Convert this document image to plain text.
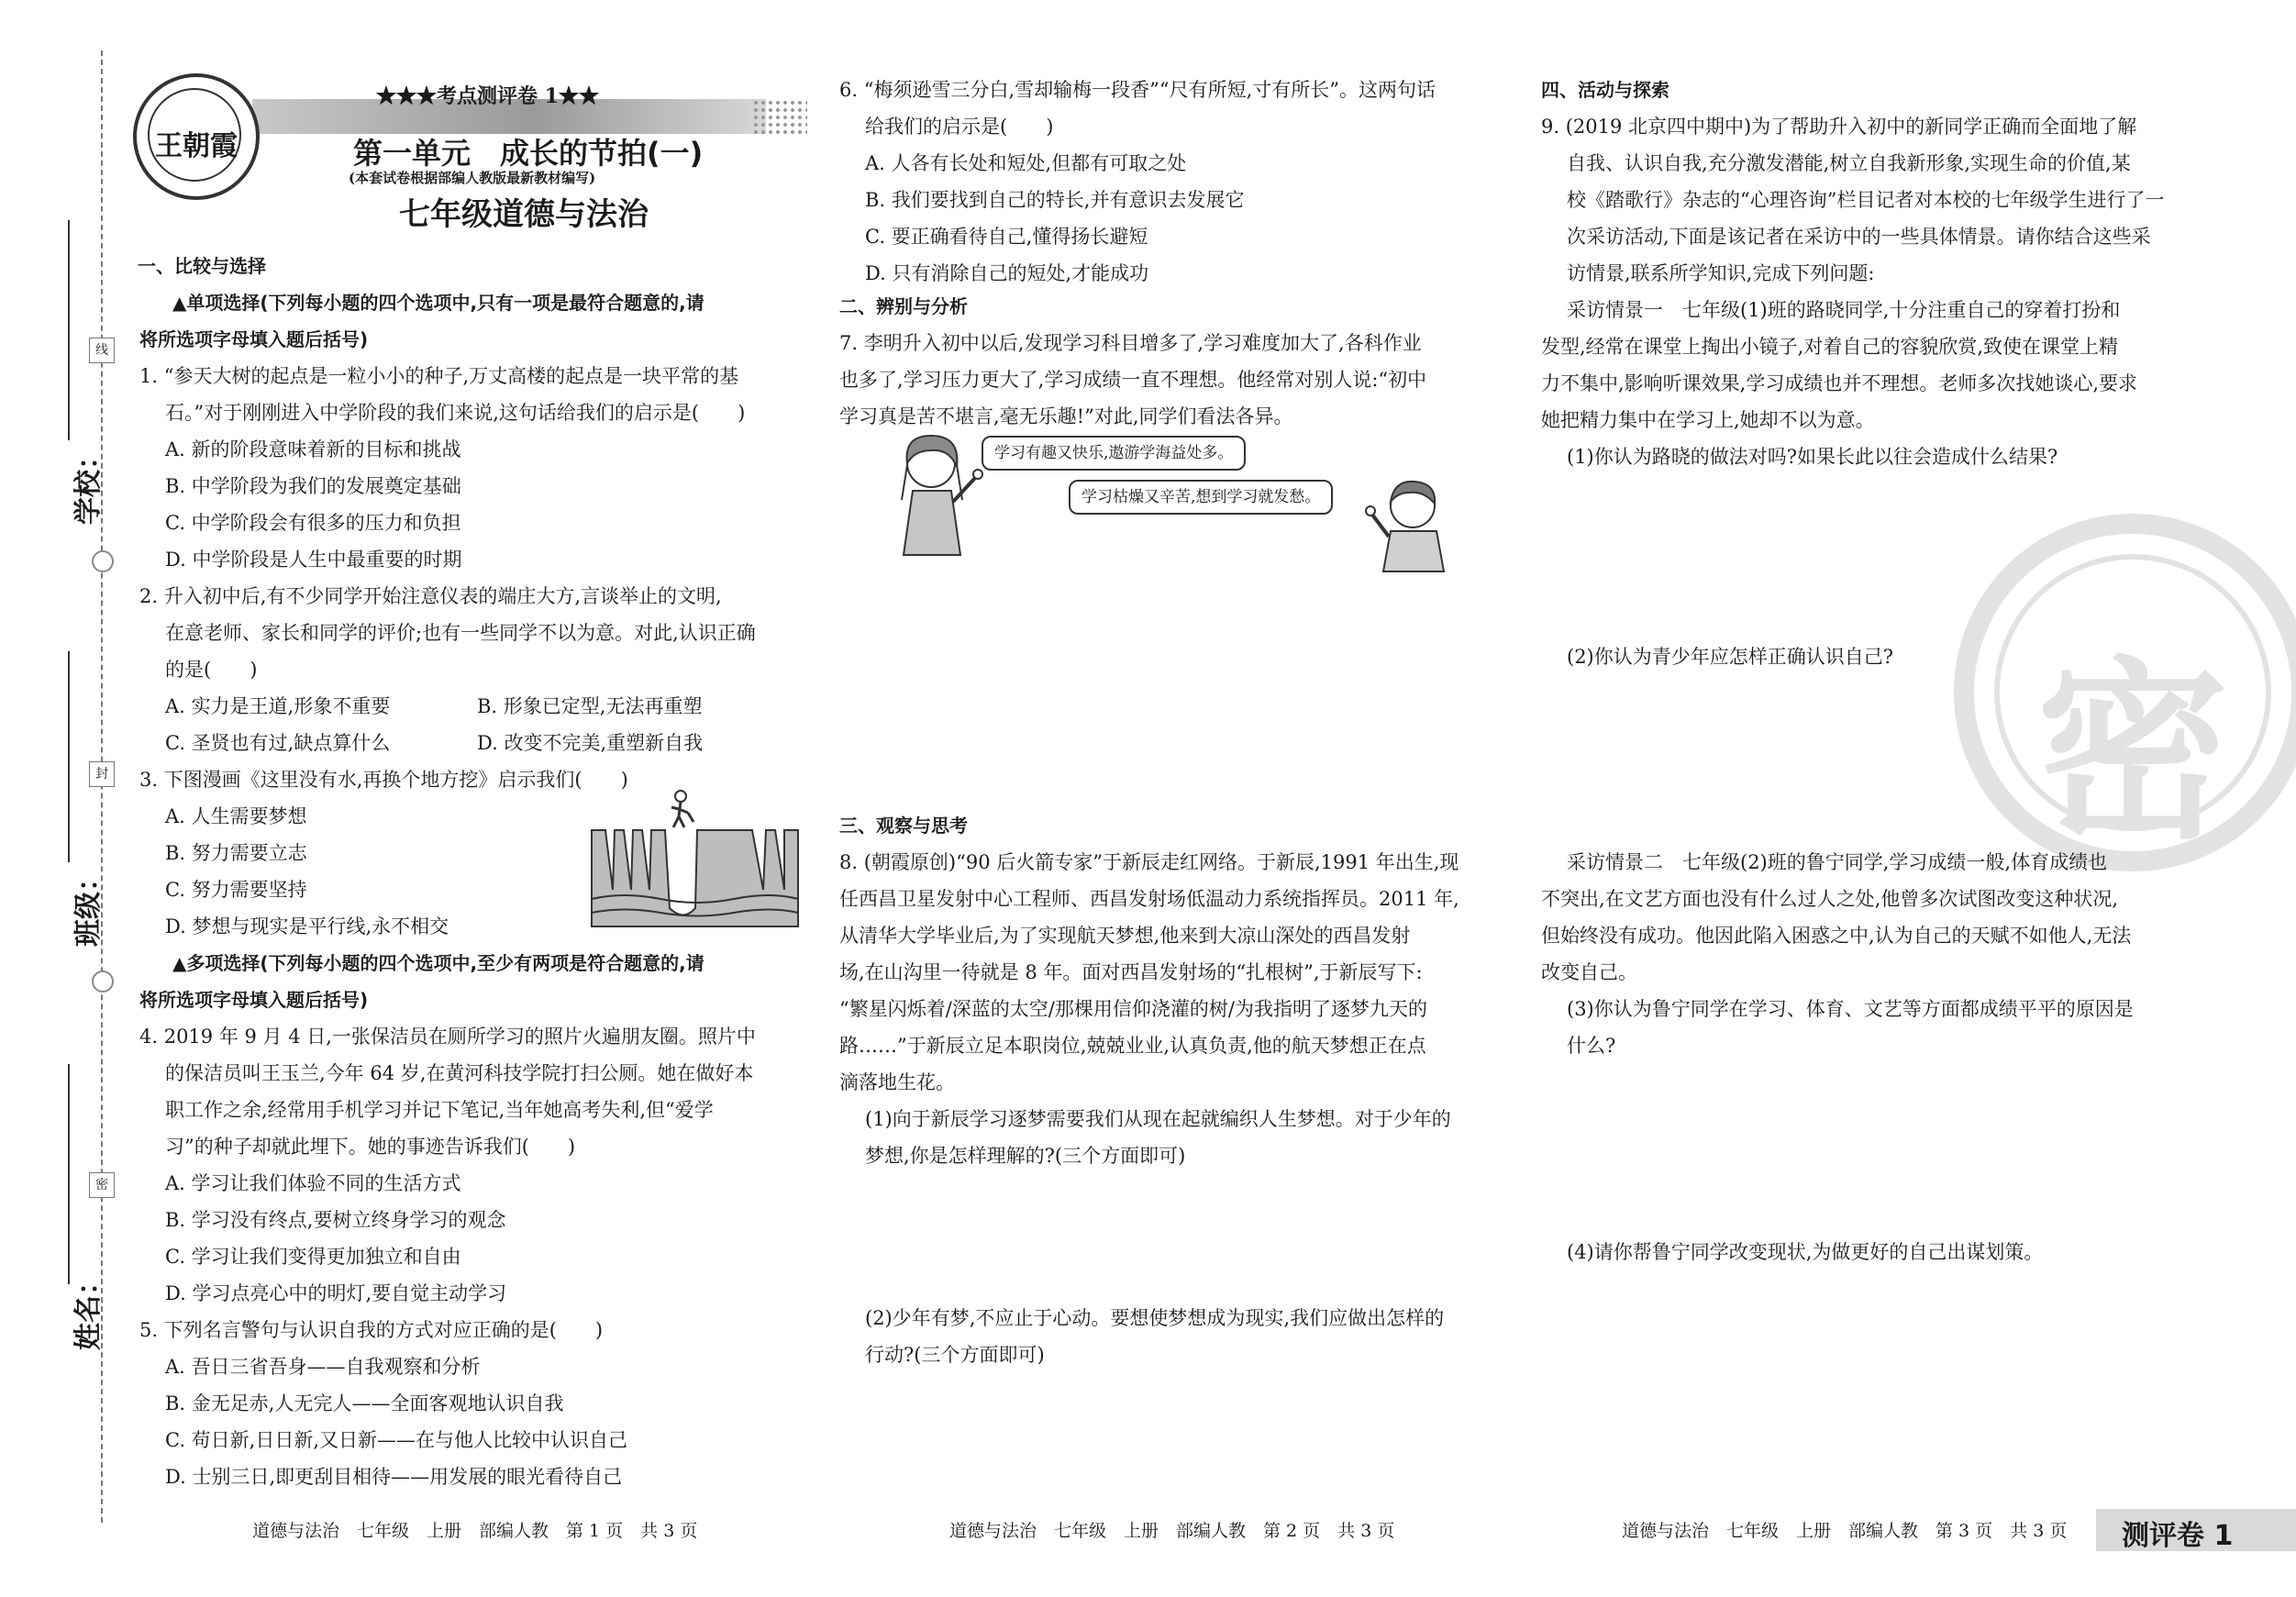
线
封
密
学校：
班级：
姓名：
王朝霞
★★★考点测评卷 1★★
第一单元　成长的节拍(一)
(本套试卷根据部编人教版最新教材编写)
七年级道德与法治
一、比较与选择
▲单项选择(下列每小题的四个选项中,只有一项是最符合题意的,请
将所选项字母填入题后括号)
1. “参天大树的起点是一粒小小的种子,万丈高楼的起点是一块平常的基
石。”对于刚刚进入中学阶段的我们来说,这句话给我们的启示是(　　)
A. 新的阶段意味着新的目标和挑战
B. 中学阶段为我们的发展奠定基础
C. 中学阶段会有很多的压力和负担
D. 中学阶段是人生中最重要的时期
2. 升入初中后,有不少同学开始注意仪表的端庄大方,言谈举止的文明,
在意老师、家长和同学的评价;也有一些同学不以为意。对此,认识正确
的是(　　)
A. 实力是王道,形象不重要	B. 形象已定型,无法再重塑
C. 圣贤也有过,缺点算什么	D. 改变不完美,重塑新自我
3. 下图漫画《这里没有水,再换个地方挖》启示我们(　　)
A. 人生需要梦想
B. 努力需要立志
C. 努力需要坚持
D. 梦想与现实是平行线,永不相交
▲多项选择(下列每小题的四个选项中,至少有两项是符合题意的,请
将所选项字母填入题后括号)
4. 2019 年 9 月 4 日,一张保洁员在厕所学习的照片火遍朋友圈。照片中
的保洁员叫王玉兰,今年 64 岁,在黄河科技学院打扫公厕。她在做好本
职工作之余,经常用手机学习并记下笔记,当年她高考失利,但“爱学
习”的种子却就此埋下。她的事迹告诉我们(　　)
A. 学习让我们体验不同的生活方式
B. 学习没有终点,要树立终身学习的观念
C. 学习让我们变得更加独立和自由
D. 学习点亮心中的明灯,要自觉主动学习
5. 下列名言警句与认识自我的方式对应正确的是(　　)
A. 吾日三省吾身——自我观察和分析
B. 金无足赤,人无完人——全面客观地认识自我
C. 苟日新,日日新,又日新——在与他人比较中认识自己
D. 士别三日,即更刮目相待——用发展的眼光看待自己
6. “梅须逊雪三分白,雪却输梅一段香”“尺有所短,寸有所长”。这两句话
给我们的启示是(　　)
A. 人各有长处和短处,但都有可取之处
B. 我们要找到自己的特长,并有意识去发展它
C. 要正确看待自己,懂得扬长避短
D. 只有消除自己的短处,才能成功
二、辨别与分析
7. 李明升入初中以后,发现学习科目增多了,学习难度加大了,各科作业
也多了,学习压力更大了,学习成绩一直不理想。他经常对别人说:“初中
学习真是苦不堪言,毫无乐趣!”对此,同学们看法各异。
学习有趣又快乐,遨游学海益处多。
学习枯燥又辛苦,想到学习就发愁。
三、观察与思考
8. (朝霞原创)“90 后火箭专家”于新辰走红网络。于新辰,1991 年出生,现
任西昌卫星发射中心工程师、西昌发射场低温动力系统指挥员。2011 年,
从清华大学毕业后,为了实现航天梦想,他来到大凉山深处的西昌发射
场,在山沟里一待就是 8 年。面对西昌发射场的“扎根树”,于新辰写下:
“繁星闪烁着/深蓝的太空/那棵用信仰浇灌的树/为我指明了逐梦九天的
路……”于新辰立足本职岗位,兢兢业业,认真负责,他的航天梦想正在点
滴落地生花。
(1)向于新辰学习逐梦需要我们从现在起就编织人生梦想。对于少年的
梦想,你是怎样理解的?(三个方面即可)
(2)少年有梦,不应止于心动。要想使梦想成为现实,我们应做出怎样的
行动?(三个方面即可)
密
四、活动与探索
9. (2019 北京四中期中)为了帮助升入初中的新同学正确而全面地了解
自我、认识自我,充分激发潜能,树立自我新形象,实现生命的价值,某
校《踏歌行》杂志的“心理咨询”栏目记者对本校的七年级学生进行了一
次采访活动,下面是该记者在采访中的一些具体情景。请你结合这些采
访情景,联系所学知识,完成下列问题:
采访情景一　七年级(1)班的路晓同学,十分注重自己的穿着打扮和
发型,经常在课堂上掏出小镜子,对着自己的容貌欣赏,致使在课堂上精
力不集中,影响听课效果,学习成绩也并不理想。老师多次找她谈心,要求
她把精力集中在学习上,她却不以为意。
(1)你认为路晓的做法对吗?如果长此以往会造成什么结果?
(2)你认为青少年应怎样正确认识自己?
采访情景二　七年级(2)班的鲁宁同学,学习成绩一般,体育成绩也
不突出,在文艺方面也没有什么过人之处,他曾多次试图改变这种状况,
但始终没有成功。他因此陷入困惑之中,认为自己的天赋不如他人,无法
改变自己。
(3)你认为鲁宁同学在学习、体育、文艺等方面都成绩平平的原因是
什么?
(4)请你帮鲁宁同学改变现状,为做更好的自己出谋划策。
道德与法治　七年级　上册　部编人教　第 1 页　共 3 页	道德与法治　七年级　上册　部编人教　第 2 页　共 3 页	道德与法治　七年级　上册　部编人教　第 3 页　共 3 页 测评卷 1
